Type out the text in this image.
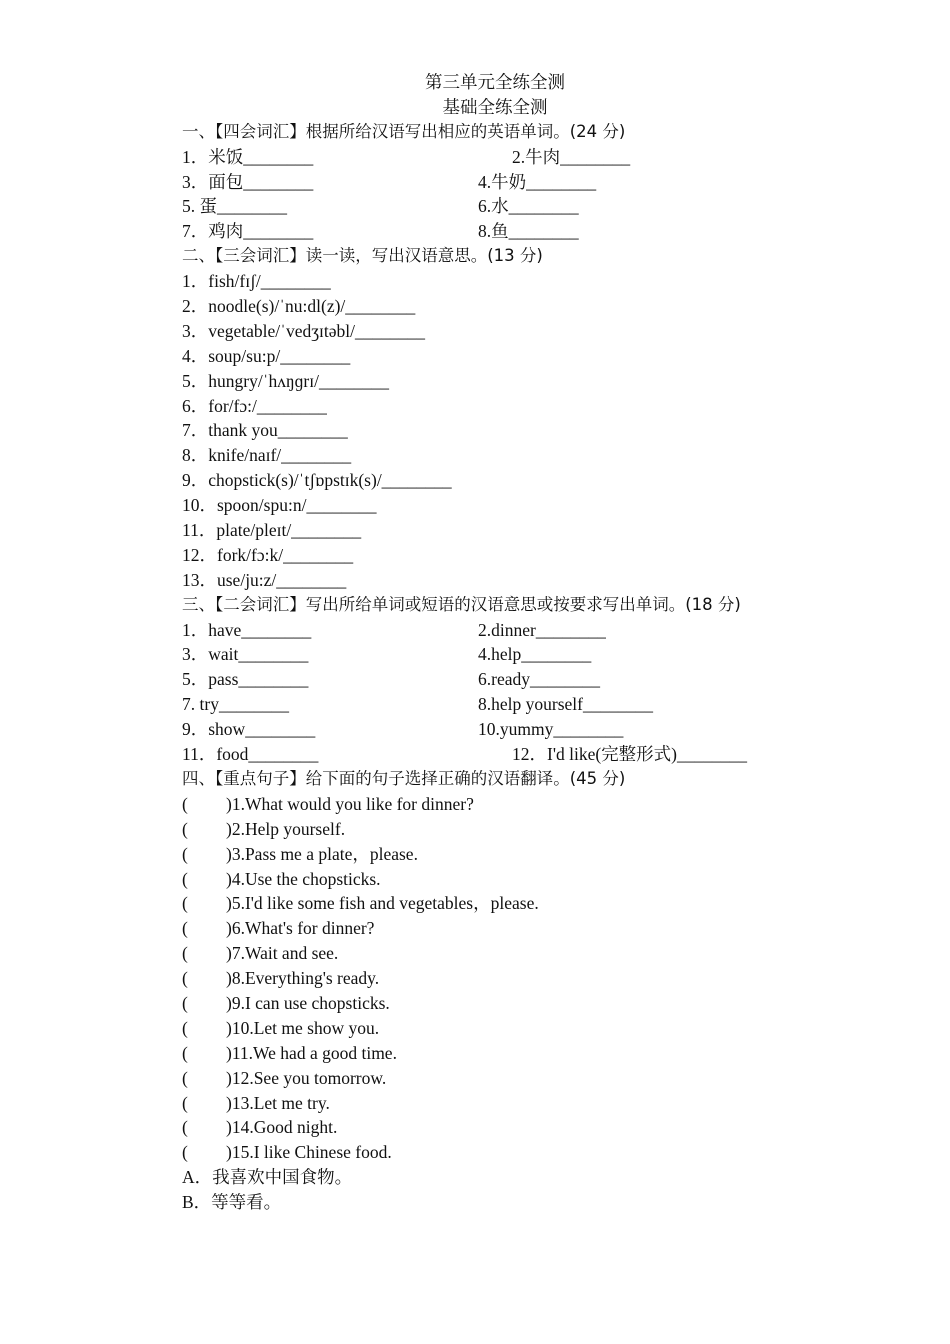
第三单元全练全测
基础全练全测
一、【四会词汇】根据所给汉语写出相应的英语单词。(24 分)
1．米饭________	2.牛肉________
3．面包________	4.牛奶________
5. 蛋________	6.水________
7．鸡肉________	8.鱼________
二、【三会词汇】读一读，写出汉语意思。(13 分)
1．fish/fɪʃ/________
2．noodle(s)/ˈnu:dl(z)/________
3．vegetable/ˈvedʒɪtəbl/________
4．soup/su:p/________
5．hungry/ˈhʌŋɡrɪ/________
6．for/fɔ:/________
7．thank you________
8．knife/naɪf/________
9．chopstick(s)/ˈtʃɒpstɪk(s)/________
10．spoon/spu:n/________
11．plate/pleɪt/________
12．fork/fɔ:k/________
13．use/ju:z/________
三、【二会词汇】写出所给单词或短语的汉语意思或按要求写出单词。(18 分)
1．have________	2.dinner________
3．wait________	4.help________
5．pass________	6.ready________
7. try________	8.help yourself________
9．show________	10.yummy________
11．food________	12．I'd like(完整形式)________
四、【重点句子】给下面的句子选择正确的汉语翻译。(45 分)
( )1.What would you like for dinner?
( )2.Help yourself.
( )3.Pass me a plate，please.
( )4.Use the chopsticks.
( )5.I'd like some fish and vegetables，please.
( )6.What's for dinner?
( )7.Wait and see.
( )8.Everything's ready.
( )9.I can use chopsticks.
( )10.Let me show you.
( )11.We had a good time.
( )12.See you tomorrow.
( )13.Let me try.
( )14.Good night.
( )15.I like Chinese food.
A．我喜欢中国食物。
B．等等看。
